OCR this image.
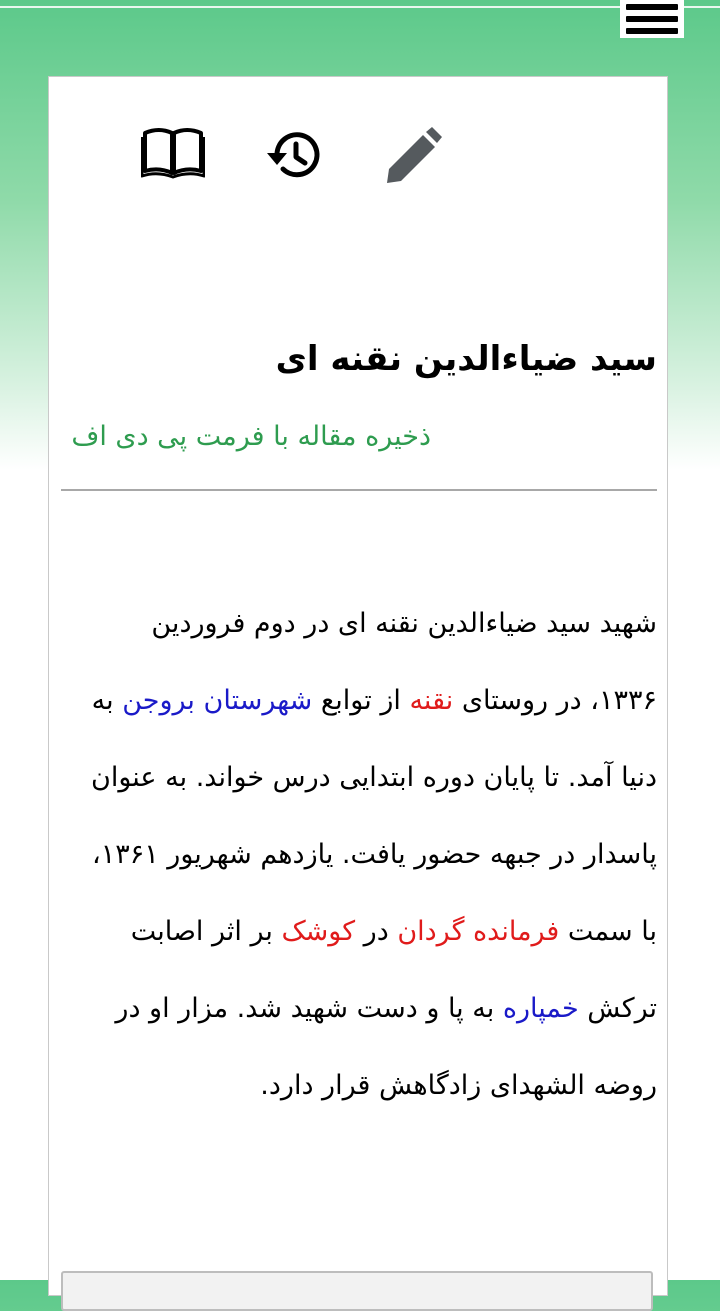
سید ضیاءالدین نقنه ای
ذخیره مقاله با فرمت پی دی اف

شهید سید ضیاءالدین نقنه ای در دوم فروردین ۱۳۳۶، در روستای نقنه از توابع شهرستان بروجن به دنیا آمد. تا پایان دوره ابتدایی درس خواند. به عنوان پاسدار در جبهه حضور یافت. یازدهم شهریور ۱۳۶۱، با سمت فرمانده گردان در کوشک بر اثر اصابت ترکش خمپاره به پا و دست شهید شد. مزار او در روضه الشهدای زادگاهش قرار دارد.
